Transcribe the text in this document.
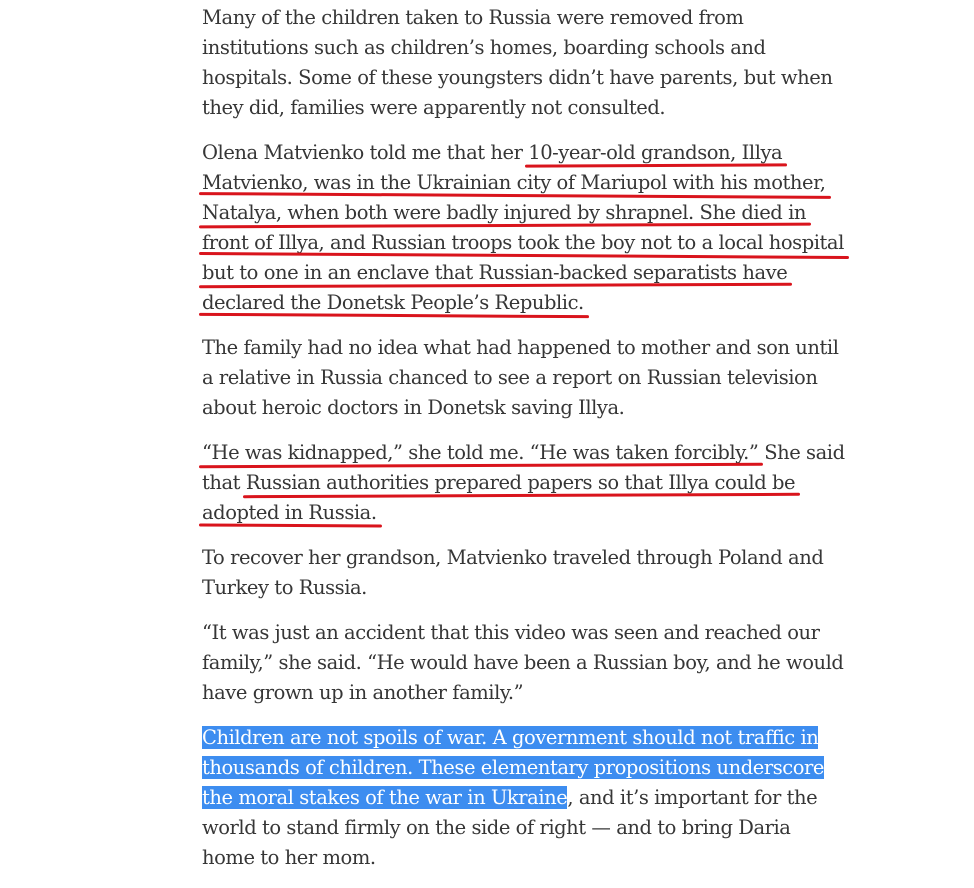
Many of the children taken to Russia were removed from
institutions such as children’s homes, boarding schools and
hospitals. Some of these youngsters didn’t have parents, but when
they did, families were apparently not consulted.

Olena Matvienko told me that her 10-year-old grandson, Illya
Matvienko, was in the Ukrainian city of Mariupol with his mother,
Natalya, when both were badly injured by shrapnel. She died in
front of Illya, and Russian troops took the boy not to a local hospital
but to one in an enclave that Russian-backed separatists have
declared the Donetsk People’s Republic.

The family had no idea what had happened to mother and son until
a relative in Russia chanced to see a report on Russian television
about heroic doctors in Donetsk saving Illya.

“He was kidnapped,” she told me. “He was taken forcibly.” She said
that Russian authorities prepared papers so that Illya could be
adopted in Russia.

To recover her grandson, Matvienko traveled through Poland and
Turkey to Russia.

“It was just an accident that this video was seen and reached our
family,” she said. “He would have been a Russian boy, and he would
have grown up in another family.”

Children are not spoils of war. A government should not traffic in
thousands of children. These elementary propositions underscore
the moral stakes of the war in Ukraine, and it’s important for the
world to stand firmly on the side of right — and to bring Daria
home to her mom.
